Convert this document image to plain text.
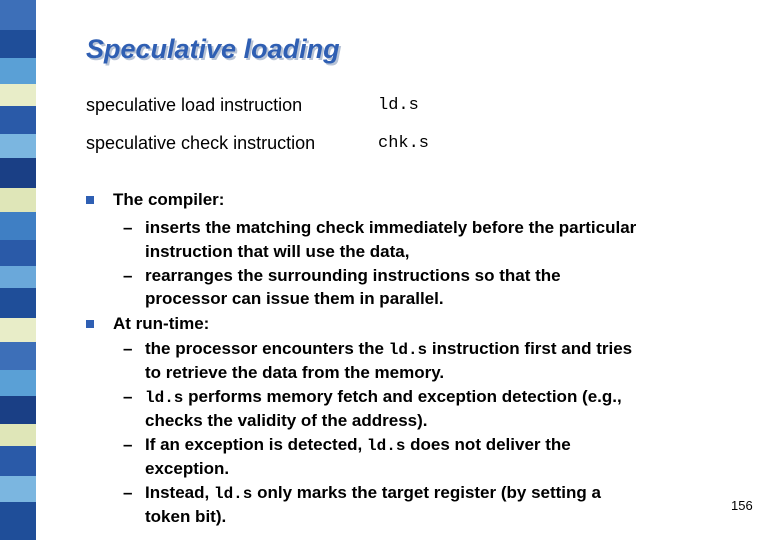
Speculative loading
speculative load instruction	ld.s
speculative check instruction	chk.s
The compiler:
– inserts the matching check immediately before the particular
instruction that will use the data,
– rearranges the surrounding instructions so that the
processor can issue them in parallel.
At run-time:
– the processor encounters the ld.s instruction first and tries
to retrieve the data from the memory.
– ld.s performs memory fetch and exception detection (e.g.,
checks the validity of the address).
– If an exception is detected, ld.s does not deliver the
exception.
– Instead, ld.s only marks the target register (by setting a
token bit).
156
